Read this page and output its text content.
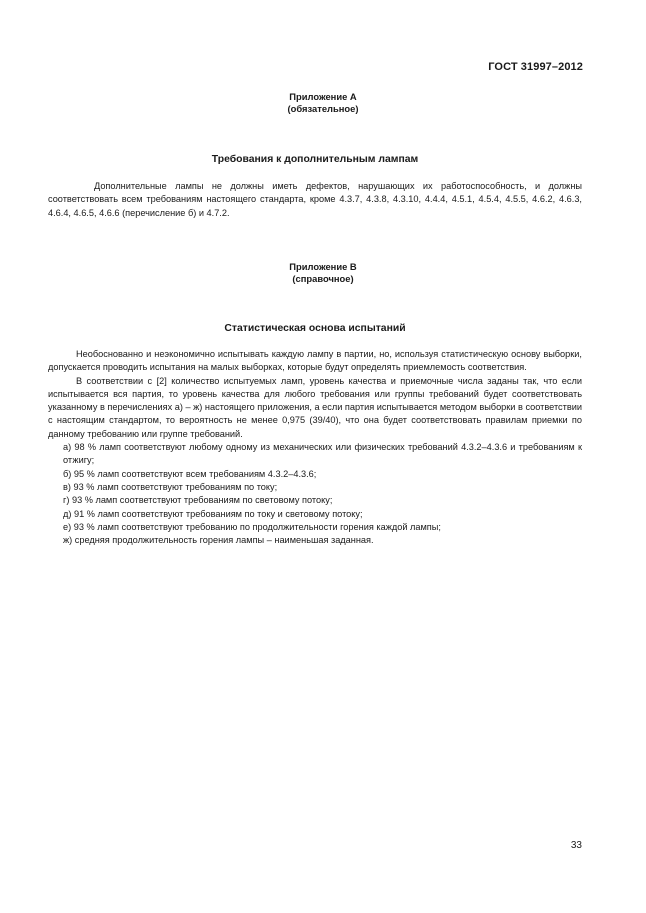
ГОСТ 31997–2012
Приложение А
(обязательное)
Требования к дополнительным лампам

Дополнительные лампы не должны иметь дефектов, нарушающих их работоспособность, и должны соответствовать всем требованиям настоящего стандарта, кроме 4.3.7, 4.3.8, 4.3.10, 4.4.4, 4.5.1, 4.5.4, 4.5.5, 4.6.2, 4.6.3, 4.6.4, 4.6.5, 4.6.6 (перечисление б) и 4.7.2.

Приложение В
(справочное)
Статистическая основа испытаний

Необоснованно и неэкономично испытывать каждую лампу в партии, но, используя статистическую основу выборки, допускается проводить испытания на малых выборках, которые будут определять приемлемость соответствия.

В соответствии с [2] количество испытуемых ламп, уровень качества и приемочные числа заданы так, что если испытывается вся партия, то уровень качества для любого требования или группы требований будет соответствовать указанному в перечислениях а) – ж) настоящего приложения, а если партия испытывается методом выборки в соответствии с настоящим стандартом, то вероятность не менее 0,975 (39/40), что она будет соответствовать правилам приемки по данному требованию или группе требований.

а) 98 % ламп соответствуют любому одному из механических или физических требований 4.3.2–4.3.6 и требованиям к отжигу;

б) 95 % ламп соответствуют всем требованиям 4.3.2–4.3.6;

в) 93 % ламп соответствуют требованиям по току;

г) 93 % ламп соответствуют требованиям по световому потоку;

д) 91 % ламп соответствуют требованиям по току и световому потоку;

е) 93 % ламп соответствуют требованию по продолжительности горения каждой лампы;

ж) средняя продолжительность горения лампы – наименьшая заданная.

33
